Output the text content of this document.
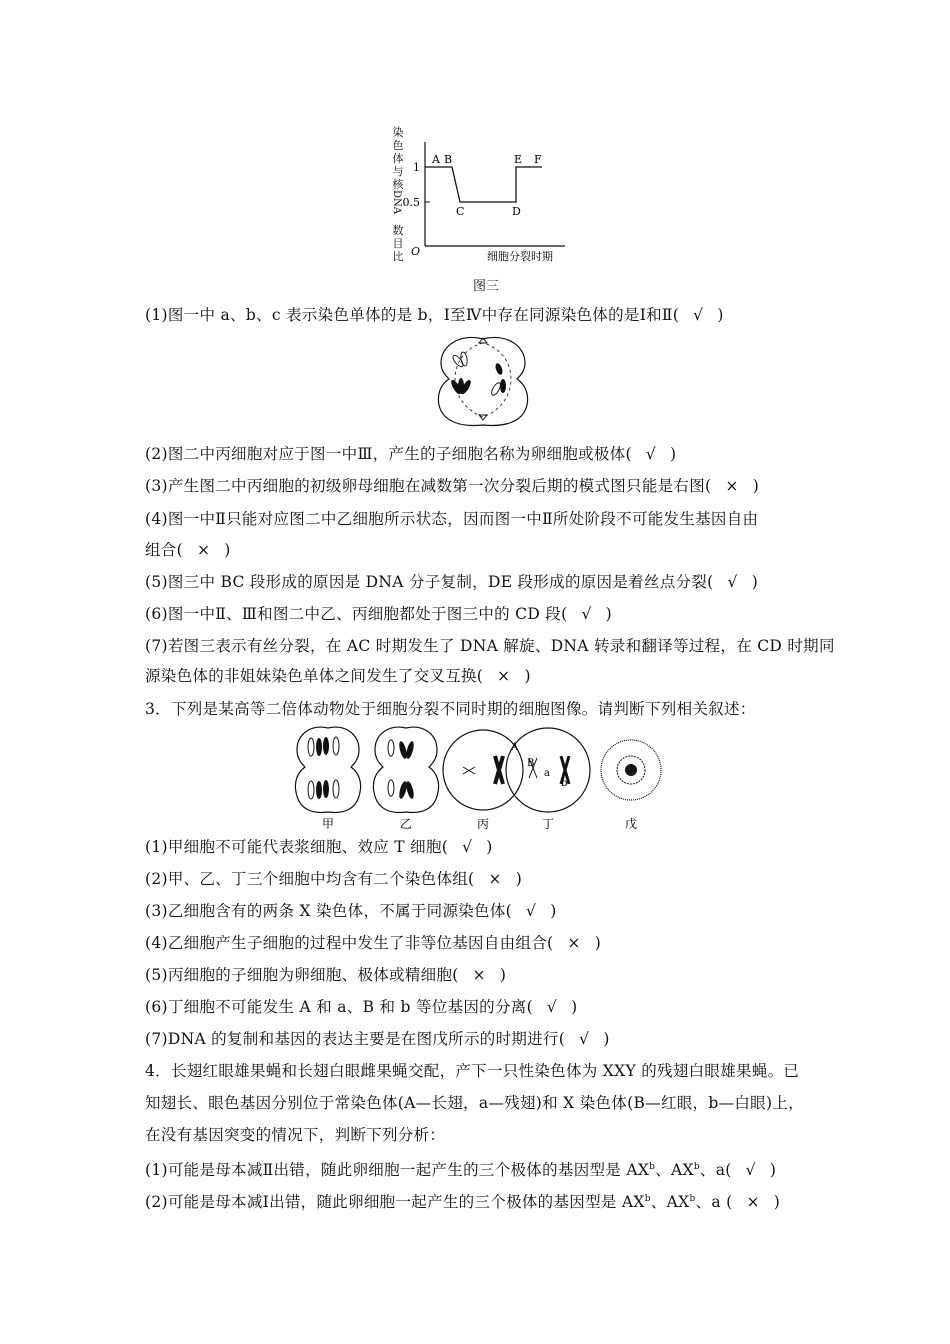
染
色
体
与
核
DNA
数
目
比
1
0.5
O
A B
C	D
E F
细胞分裂时期
图三
(1)图一中 a、b、c 表示染色单体的是 b，Ⅰ至Ⅳ中存在同源染色体的是Ⅰ和Ⅱ( √ )
(2)图二中丙细胞对应于图一中Ⅲ，产生的子细胞名称为卵细胞或极体( √ )
(3)产生图二中丙细胞的初级卵母细胞在减数第一次分裂后期的模式图只能是右图( × )
(4)图一中Ⅱ只能对应图二中乙细胞所示状态，因而图一中Ⅱ所处阶段不可能发生基因自由
组合( × )
(5)图三中 BC 段形成的原因是 DNA 分子复制，DE 段形成的原因是着丝点分裂( √ )
(6)图一中Ⅱ、Ⅲ和图二中乙、丙细胞都处于图三中的 CD 段( √ )
(7)若图三表示有丝分裂，在 AC 时期发生了 DNA 解旋、DNA 转录和翻译等过程，在 CD 时期同
源染色体的非姐妹染色单体之间发生了交叉互换( × )
3．下列是某高等二倍体动物处于细胞分裂不同时期的细胞图像。请判断下列相关叙述：
A
B
a
b
甲	乙	丙	丁	戊
(1)甲细胞不可能代表浆细胞、效应 T 细胞( √ )
(2)甲、乙、丁三个细胞中均含有二个染色体组( × )
(3)乙细胞含有的两条 X 染色体，不属于同源染色体( √ )
(4)乙细胞产生子细胞的过程中发生了非等位基因自由组合( × )
(5)丙细胞的子细胞为卵细胞、极体或精细胞( × )
(6)丁细胞不可能发生 A 和 a、B 和 b 等位基因的分离( √ )
(7)DNA 的复制和基因的表达主要是在图戊所示的时期进行( √ )
4．长翅红眼雄果蝇和长翅白眼雌果蝇交配，产下一只性染色体为 XXY 的残翅白眼雄果蝇。已
知翅长、眼色基因分别位于常染色体(A—长翅，a—残翅)和 X 染色体(B—红眼，b—白眼)上，
在没有基因突变的情况下，判断下列分析：
(1)可能是母本减Ⅱ出错，随此卵细胞一起产生的三个极体的基因型是 $AX^b$、$AX^b$、a( √ )
(2)可能是母本减Ⅰ出错，随此卵细胞一起产生的三个极体的基因型是 $AX^b$、$AX^b$、a ( × )
